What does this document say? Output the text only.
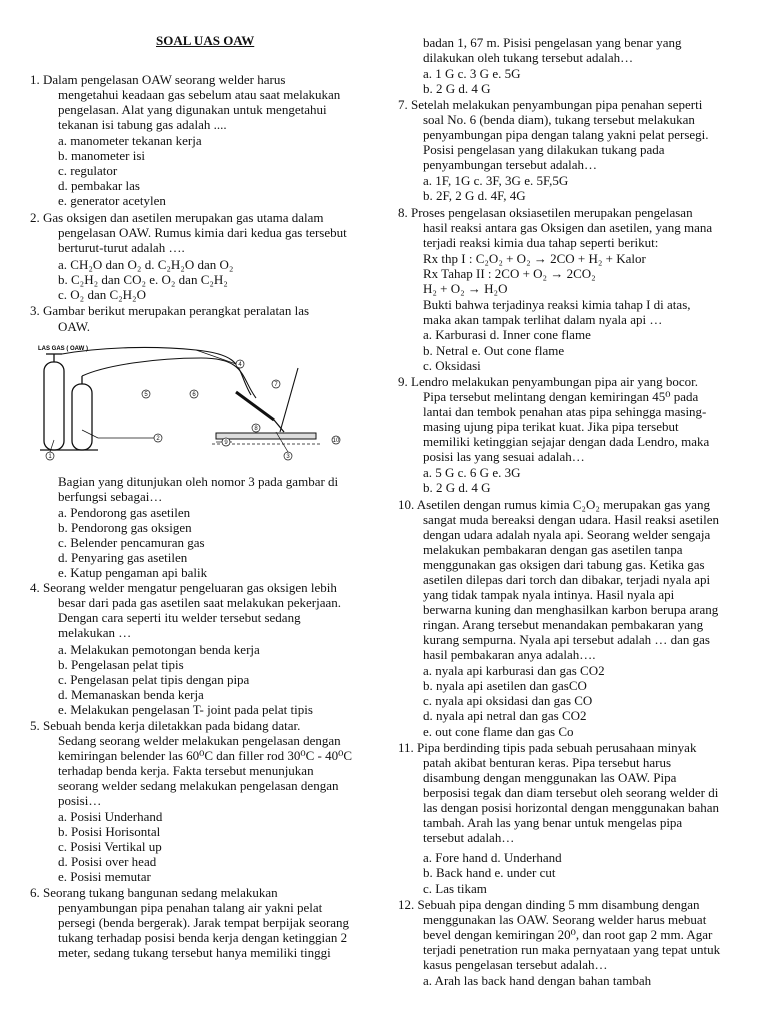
SOAL UAS OAW
1. Dalam pengelasan OAW seorang welder harus
mengetahui keadaan gas sebelum atau saat melakukan
pengelasan. Alat yang digunakan untuk mengetahui
tekanan isi tabung gas adalah ....
a. manometer tekanan kerja
b. manometer isi
c. regulator
d. pembakar las
e. generator acetylen
2. Gas oksigen dan asetilen merupakan gas utama dalam
pengelasan OAW. Rumus kimia dari kedua gas tersebut
berturut-turut adalah ….
a. CH₂O dan O₂ d. C₂H₂O dan O₂
b. C₂H₂ dan CO₂ e. O₂ dan C₂H₂
c. O₂ dan C₂H₂O
3. Gambar berikut merupakan perangkat peralatan las
OAW.
Bagian yang ditunjukan oleh nomor 3 pada gambar di
berfungsi sebagai…
a. Pendorong gas asetilen
b. Pendorong gas oksigen
c. Belender pencamuran gas
d. Penyaring gas asetilen
e. Katup pengaman api balik
4. Seorang welder mengatur pengeluaran gas oksigen lebih
besar dari pada gas asetilen saat melakukan pekerjaan.
Dengan cara seperti itu welder tersebut sedang
melakukan …
a. Melakukan pemotongan benda kerja
b. Pengelasan pelat tipis
c. Pengelasan pelat tipis dengan pipa
d. Memanaskan benda kerja
e. Melakukan pengelasan T- joint pada pelat tipis
5. Sebuah benda kerja diletakkan pada bidang datar.
Sedang seorang welder melakukan pengelasan dengan
kemiringan belender las 60⁰C dan filler rod 30⁰C - 40⁰C
terhadap benda kerja. Fakta tersebut menunjukan
seorang welder sedang melakukan pengelasan dengan
posisi…
a. Posisi Underhand
b. Posisi Horisontal
c. Posisi Vertikal up
d. Posisi over head
e. Posisi memutar
6. Seorang tukang bangunan sedang melakukan
penyambungan pipa penahan talang air yakni pelat
persegi (benda bergerak). Jarak tempat berpijak seorang
tukang terhadap posisi benda kerja dengan ketinggian 2
meter, sedang tukang tersebut hanya memiliki tinggi
badan 1, 67 m. Pisisi pengelasan yang benar yang
dilakukan oleh tukang tersebut adalah…
a. 1 G c. 3 G e. 5G
b. 2 G d. 4 G
7. Setelah melakukan penyambungan pipa penahan seperti
soal No. 6 (benda diam), tukang tersebut melakukan
penyambungan pipa dengan talang yakni pelat persegi.
Posisi pengelasan yang dilakukan tukang pada
penyambungan tersebut adalah…
a. 1F, 1G c. 3F, 3G e. 5F,5G
b. 2F, 2 G d. 4F, 4G
8. Proses pengelasan oksiasetilen merupakan pengelasan
hasil reaksi antara gas Oksigen dan asetilen, yang mana
terjadi reaksi kimia dua tahap seperti berikut:
Rx thp I : C₂O₂ + O₂ → 2CO + H₂ + Kalor
Rx Tahap II : 2CO + O₂ → 2CO₂
H₂ + O₂ → H₂O
Bukti bahwa terjadinya reaksi kimia tahap I di atas,
maka akan tampak terlihat dalam nyala api …
a. Karburasi d. Inner cone flame
b. Netral e. Out cone flame
c. Oksidasi
9. Lendro melakukan penyambungan pipa air yang bocor.
Pipa tersebut melintang dengan kemiringan 45⁰ pada
lantai dan tembok penahan atas pipa sehingga masing-
masing ujung pipa terikat kuat. Jika pipa tersebut
memiliki ketinggian sejajar dengan dada Lendro, maka
posisi las yang sesuai adalah…
a. 5 G c. 6 G e. 3G
b. 2 G d. 4 G
10. Asetilen dengan rumus kimia C₂O₂ merupakan gas yang
sangat muda bereaksi dengan udara. Hasil reaksi asetilen
dengan udara adalah nyala api. Seorang welder sengaja
melakukan pembakaran dengan gas asetilen tanpa
menggunakan gas oksigen dari tabung gas. Ketika gas
asetilen dilepas dari torch dan dibakar, terjadi nyala api
yang tidak tampak nyala intinya. Hasil nyala api
berwarna kuning dan menghasilkan karbon berupa arang
ringan. Arang tersebut menandakan pembakaran yang
kurang sempurna. Nyala api tersebut adalah … dan gas
hasil pembakaran anya adalah….
a. nyala api karburasi dan gas CO2
b. nyala api asetilen dan gasCO
c. nyala api oksidasi dan gas CO
d. nyala api netral dan gas CO2
e. out cone flame dan gas Co
11. Pipa berdinding tipis pada sebuah perusahaan minyak
patah akibat benturan keras. Pipa tersebut harus
disambung dengan menggunakan las OAW. Pipa
berposisi tegak dan diam tersebut oleh seorang welder di
las dengan posisi horizontal dengan menggunakan bahan
tambah. Arah las yang benar untuk mengelas pipa
tersebut adalah…
a. Fore hand d. Underhand
b. Back hand e. under cut
c. Las tikam
12. Sebuah pipa dengan dinding 5 mm disambung dengan
menggunakan las OAW. Seorang welder harus mebuat
bevel dengan kemiringan 20⁰, dan root gap 2 mm. Agar
terjadi penetration run maka pernyataan yang tepat untuk
kasus pengelasan tersebut adalah…
a. Arah las back hand dengan bahan tambah
LAS GAS ( OAW )
1
2
3
4
5	6
7
8
9	10
